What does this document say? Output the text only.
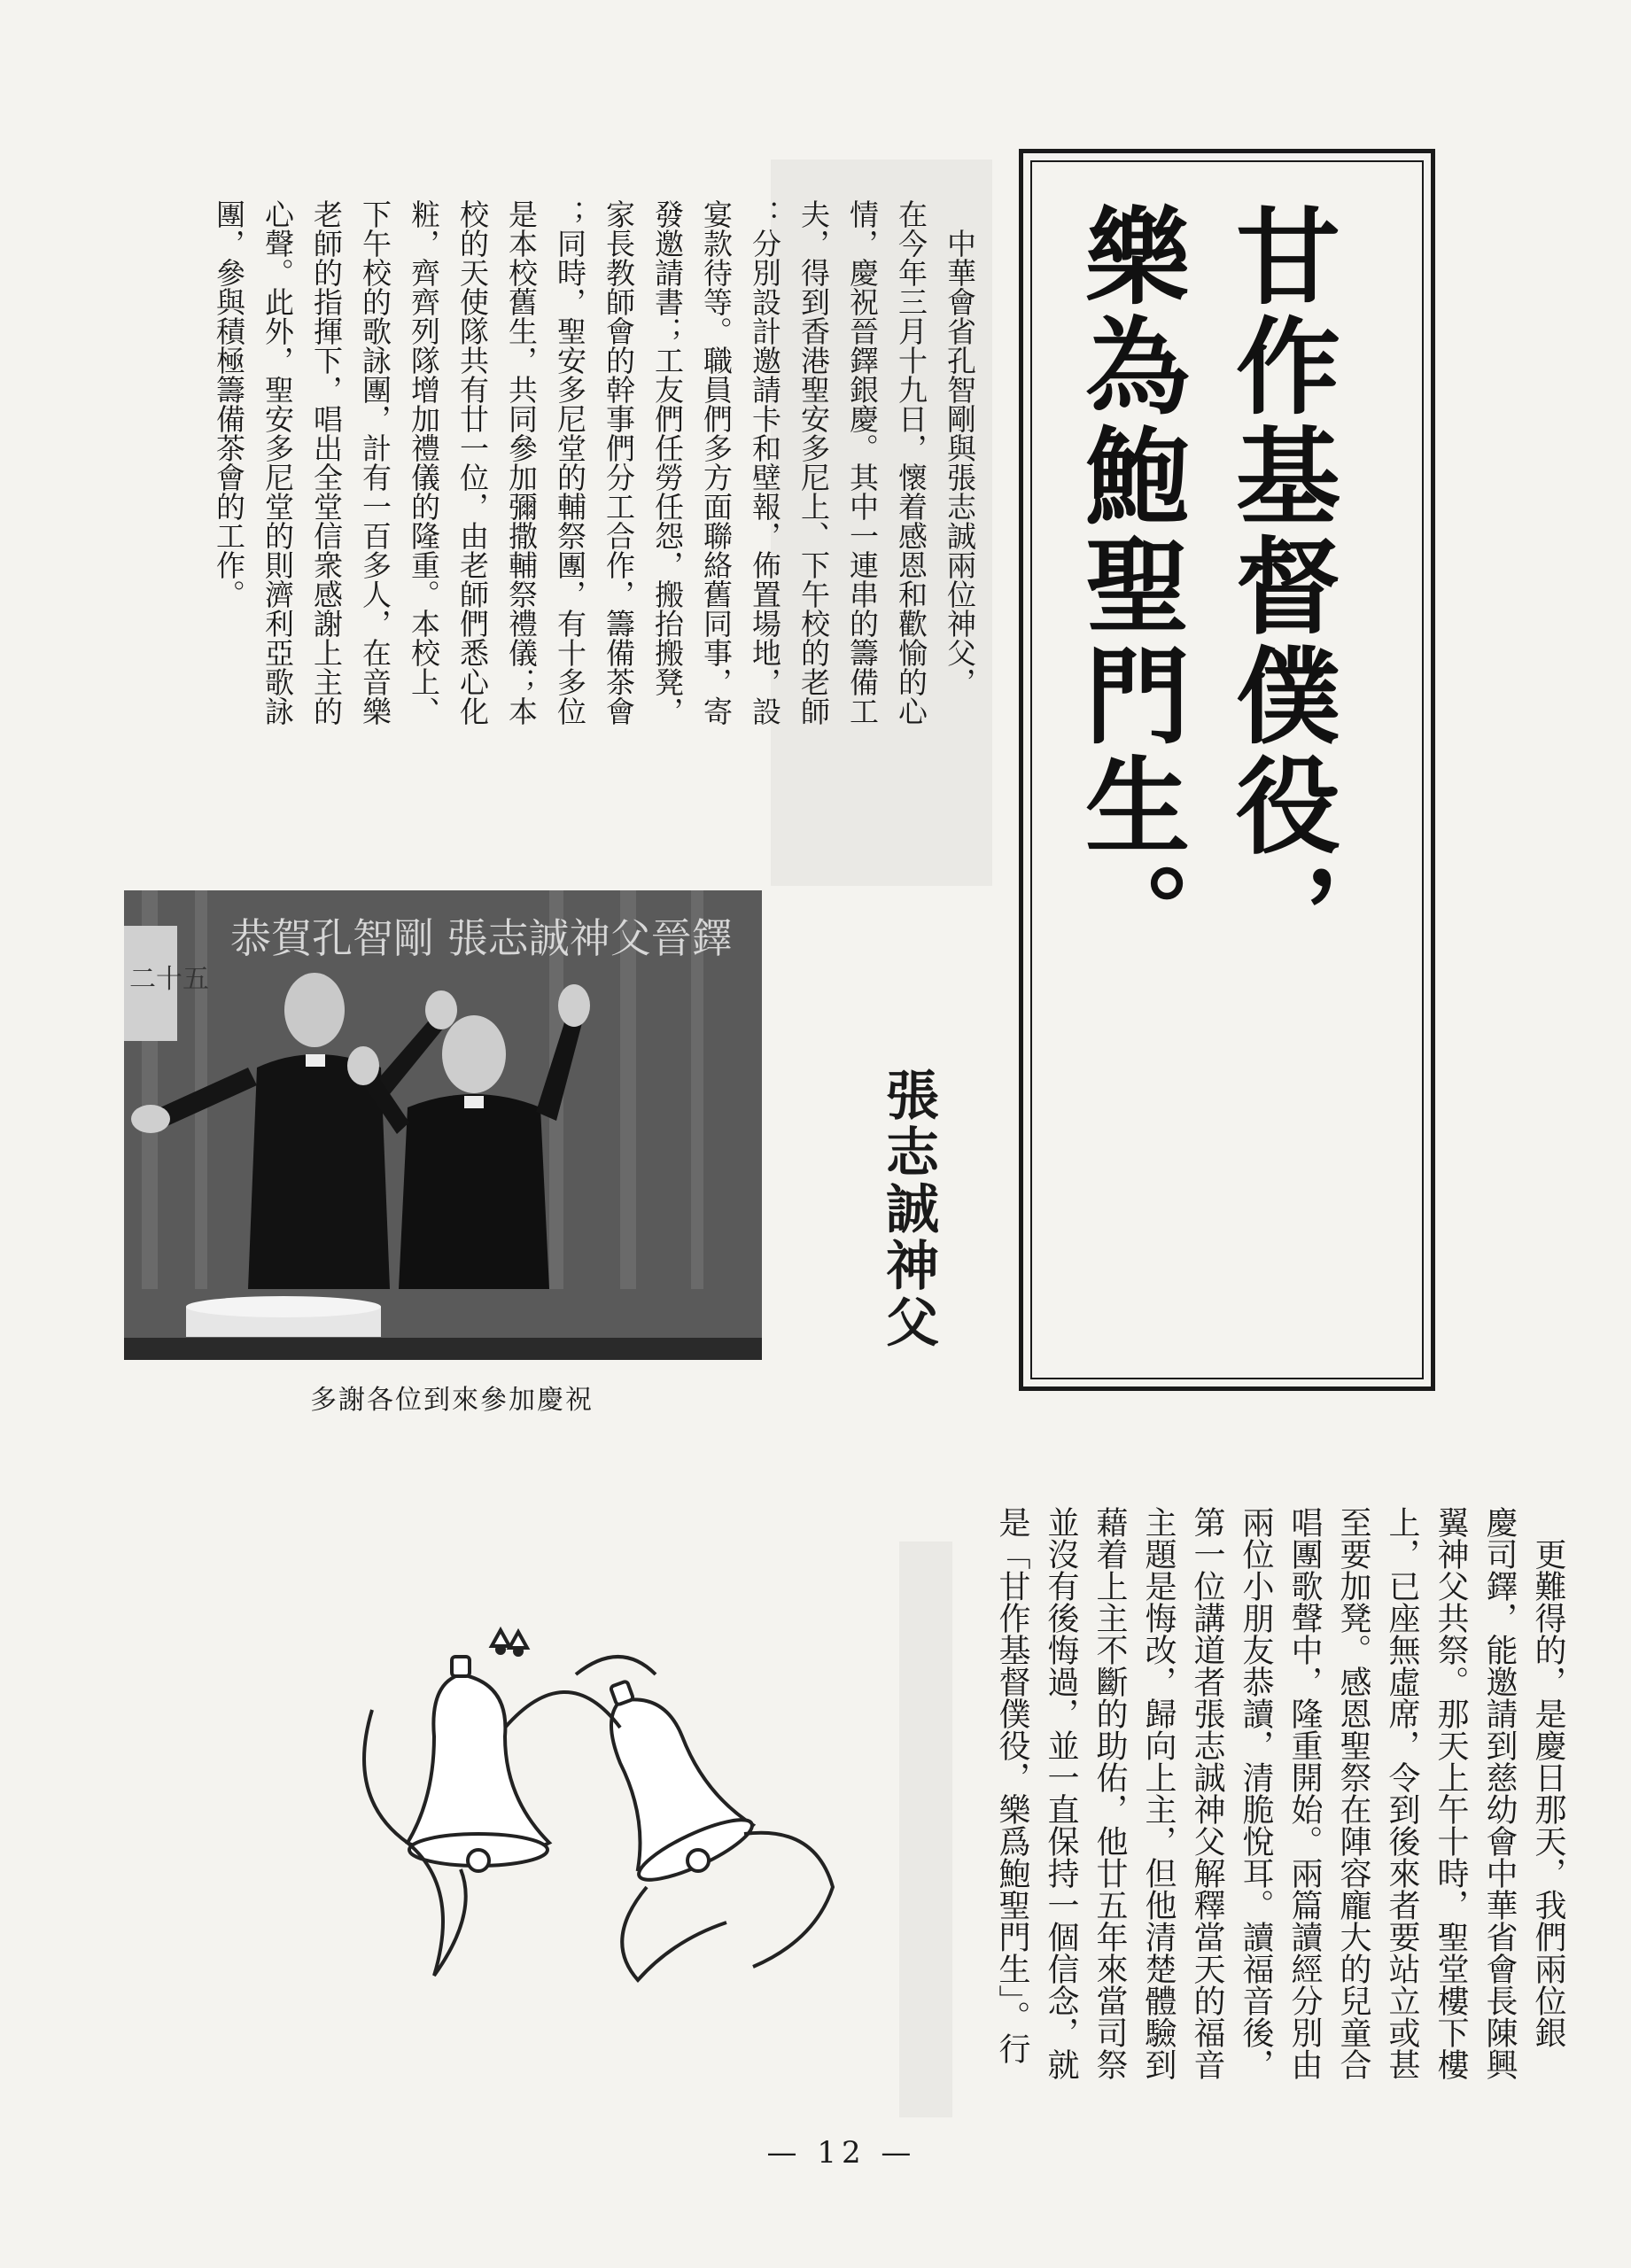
甘作基督僕役，
樂為鮑聖門生。
張志誠神父
　中華會省孔智剛與張志誠兩位神父，
在今年三月十九日，懷着感恩和歡愉的心
情，慶祝晉鐸銀慶。其中一連串的籌備工
夫，得到香港聖安多尼上、下午校的老師
：分別設計邀請卡和壁報，佈置場地，設
宴款待等。職員們多方面聯絡舊同事，寄
發邀請書；工友們任勞任怨，搬抬搬凳，
家長教師會的幹事們分工合作，籌備茶會
；同時，聖安多尼堂的輔祭團，有十多位
是本校舊生，共同參加彌撒輔祭禮儀；本
校的天使隊共有廿一位，由老師們悉心化
粧，齊齊列隊增加禮儀的隆重。本校上、
下午校的歌詠團，計有一百多人，在音樂
老師的指揮下，唱出全堂信衆感謝上主的
心聲。此外，聖安多尼堂的則濟利亞歌詠
團，參與積極籌備茶會的工作。
　更難得的，是慶日那天，我們兩位銀
慶司鐸，能邀請到慈幼會中華省會長陳興
翼神父共祭。那天上午十時，聖堂樓下樓
上，已座無虛席，令到後來者要站立或甚
至要加凳。感恩聖祭在陣容龐大的兒童合
唱團歌聲中，隆重開始。兩篇讀經分別由
兩位小朋友恭讀，清脆悅耳。讀福音後，
第一位講道者張志誠神父解釋當天的福音
主題是悔改，歸向上主，但他清楚體驗到
藉着上主不斷的助佑，他廿五年來當司祭
並沒有後悔過，並一直保持一個信念，就
是「甘作基督僕役，樂爲鮑聖門生」。行
恭賀孔智剛 張志誠神父晉鐸
二十五
多謝各位到來參加慶祝
— 12 —
